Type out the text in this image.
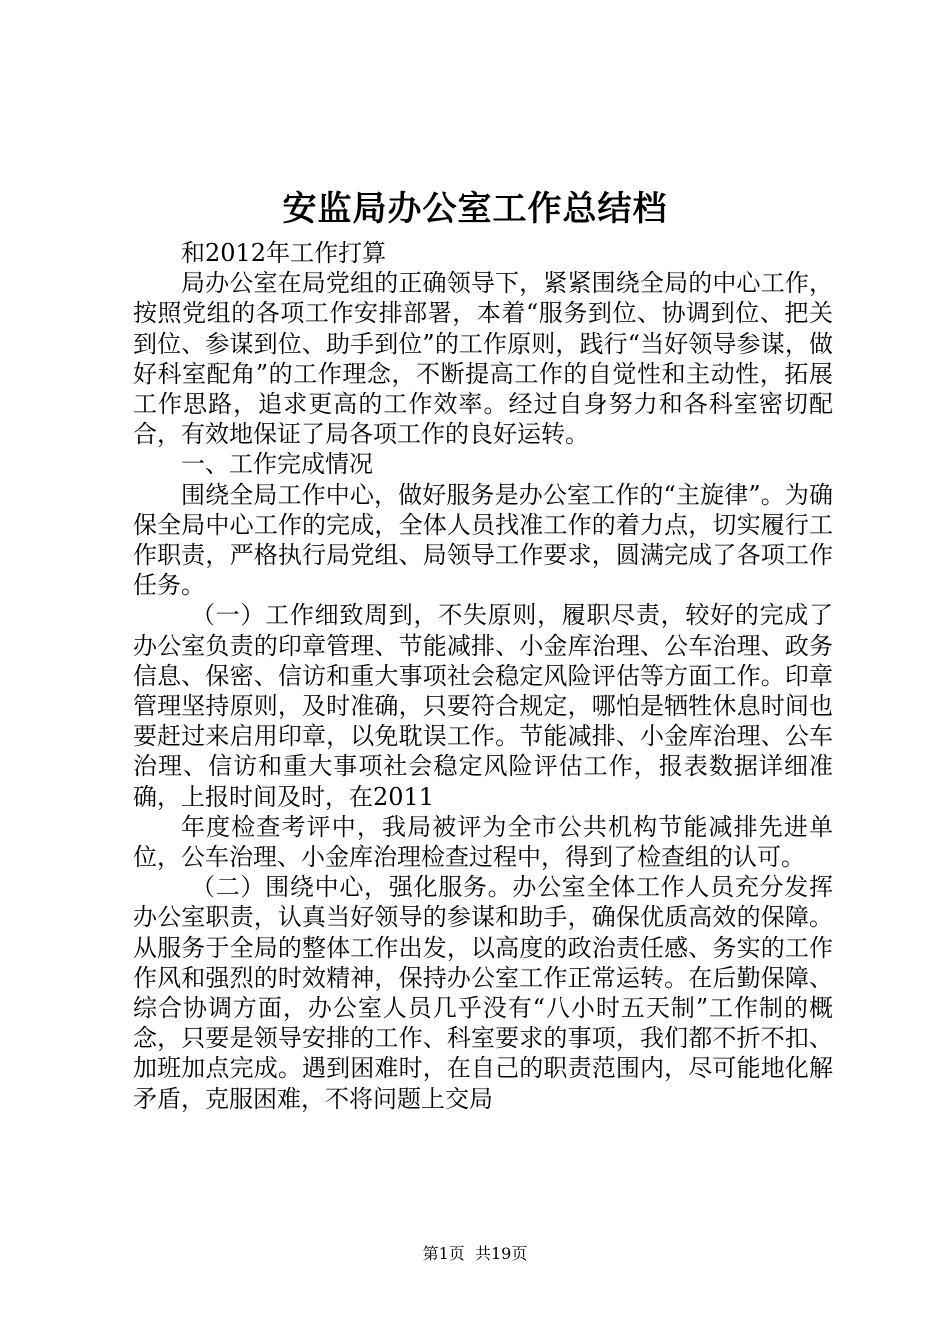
安监局办公室工作总结档

和2012年工作打算

局办公室在局党组的正确领导下，紧紧围绕全局的中心工作，按照党组的各项工作安排部署，本着“服务到位、协调到位、把关到位、参谋到位、助手到位”的工作原则，践行“当好领导参谋，做好科室配角”的工作理念，不断提高工作的自觉性和主动性，拓展工作思路，追求更高的工作效率。经过自身努力和各科室密切配合，有效地保证了局各项工作的良好运转。

一、工作完成情况

围绕全局工作中心，做好服务是办公室工作的“主旋律”。为确保全局中心工作的完成，全体人员找准工作的着力点，切实履行工作职责，严格执行局党组、局领导工作要求，圆满完成了各项工作任务。

（一）工作细致周到，不失原则，履职尽责，较好的完成了办公室负责的印章管理、节能减排、小金库治理、公车治理、政务信息、保密、信访和重大事项社会稳定风险评估等方面工作。印章管理坚持原则，及时准确，只要符合规定，哪怕是牺牲休息时间也要赶过来启用印章，以免耽误工作。节能减排、小金库治理、公车治理、信访和重大事项社会稳定风险评估工作，报表数据详细准确，上报时间及时，在2011

年度检查考评中，我局被评为全市公共机构节能减排先进单位，公车治理、小金库治理检查过程中，得到了检查组的认可。

（二）围绕中心，强化服务。办公室全体工作人员充分发挥办公室职责，认真当好领导的参谋和助手，确保优质高效的保障。从服务于全局的整体工作出发，以高度的政治责任感、务实的工作作风和强烈的时效精神，保持办公室工作正常运转。在后勤保障、综合协调方面，办公室人员几乎没有“八小时五天制”工作制的概念，只要是领导安排的工作、科室要求的事项，我们都不折不扣、加班加点完成。遇到困难时，在自己的职责范围内，尽可能地化解矛盾，克服困难，不将问题上交局

第1页 共19页
